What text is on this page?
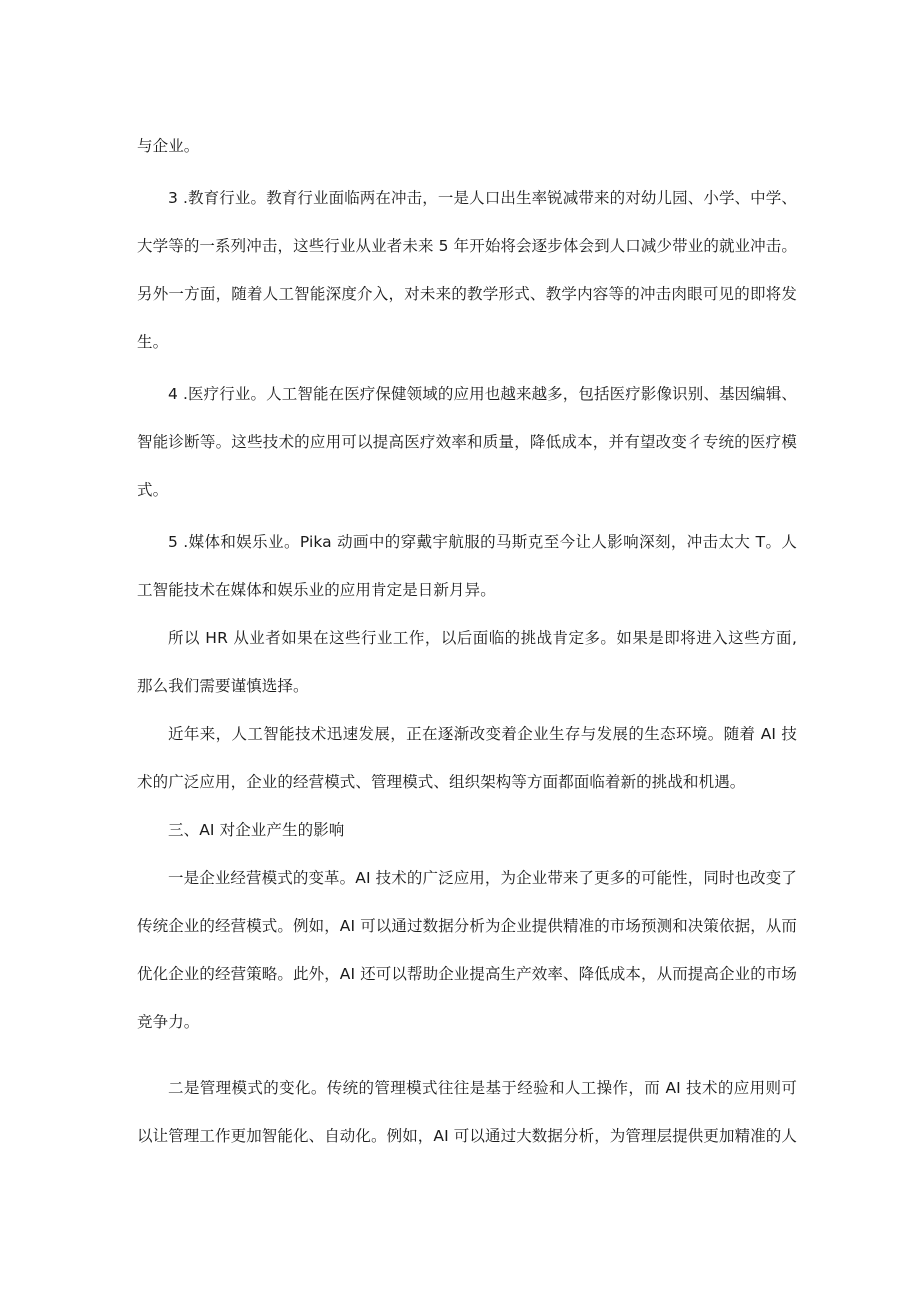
与企业。

3 .教育行业。教育行业面临两在冲击，一是人口出生率锐减带来的对幼儿园、小学、中学、大学等的一系列冲击，这些行业从业者未来 5 年开始将会逐步体会到人口减少带业的就业冲击。另外一方面，随着人工智能深度介入，对未来的教学形式、教学内容等的冲击肉眼可见的即将发生。

4 .医疗行业。人工智能在医疗保健领域的应用也越来越多，包括医疗影像识别、基因编辑、智能诊断等。这些技术的应用可以提高医疗效率和质量，降低成本，并有望改变彳专统的医疗模式。

5 .媒体和娱乐业。Pika 动画中的穿戴宇航服的马斯克至今让人影响深刻，冲击太大 T。人工智能技术在媒体和娱乐业的应用肯定是日新月异。

所以 HR 从业者如果在这些行业工作，以后面临的挑战肯定多。如果是即将进入这些方面,那么我们需要谨慎选择。

近年来，人工智能技术迅速发展，正在逐渐改变着企业生存与发展的生态环境。随着 AI 技术的广泛应用，企业的经营模式、管理模式、组织架构等方面都面临着新的挑战和机遇。

三、AI 对企业产生的影响

一是企业经营模式的变革。AI 技术的广泛应用，为企业带来了更多的可能性，同时也改变了传统企业的经营模式。例如，AI 可以通过数据分析为企业提供精准的市场预测和决策依据，从而优化企业的经营策略。此外，AI 还可以帮助企业提高生产效率、降低成本，从而提高企业的市场竞争力。

二是管理模式的变化。传统的管理模式往往是基于经验和人工操作，而 AI 技术的应用则可以让管理工作更加智能化、自动化。例如，AI 可以通过大数据分析，为管理层提供更加精准的人
